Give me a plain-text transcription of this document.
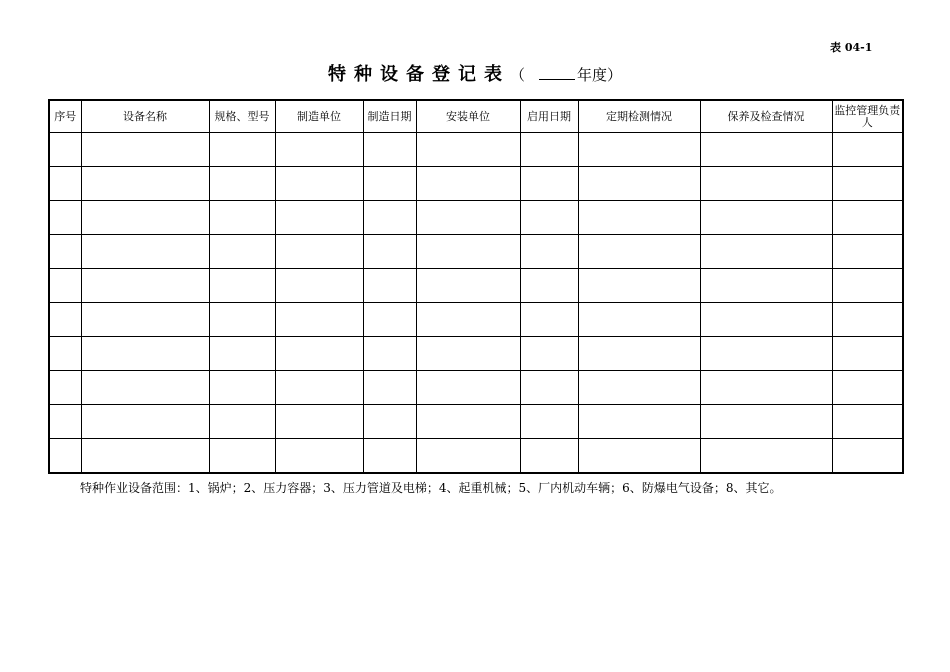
表 04-1
特种设备登记表（	年度）
序号	设备名称	规格、型号	制造单位	制造日期	安装单位	启用日期	定期检测情况	保养及检查情况	监控管理负责人

特种作业设备范围：1、锅炉；2、压力容器；3、压力管道及电梯；4、起重机械；5、厂内机动车辆；6、防爆电气设备；8、其它。
